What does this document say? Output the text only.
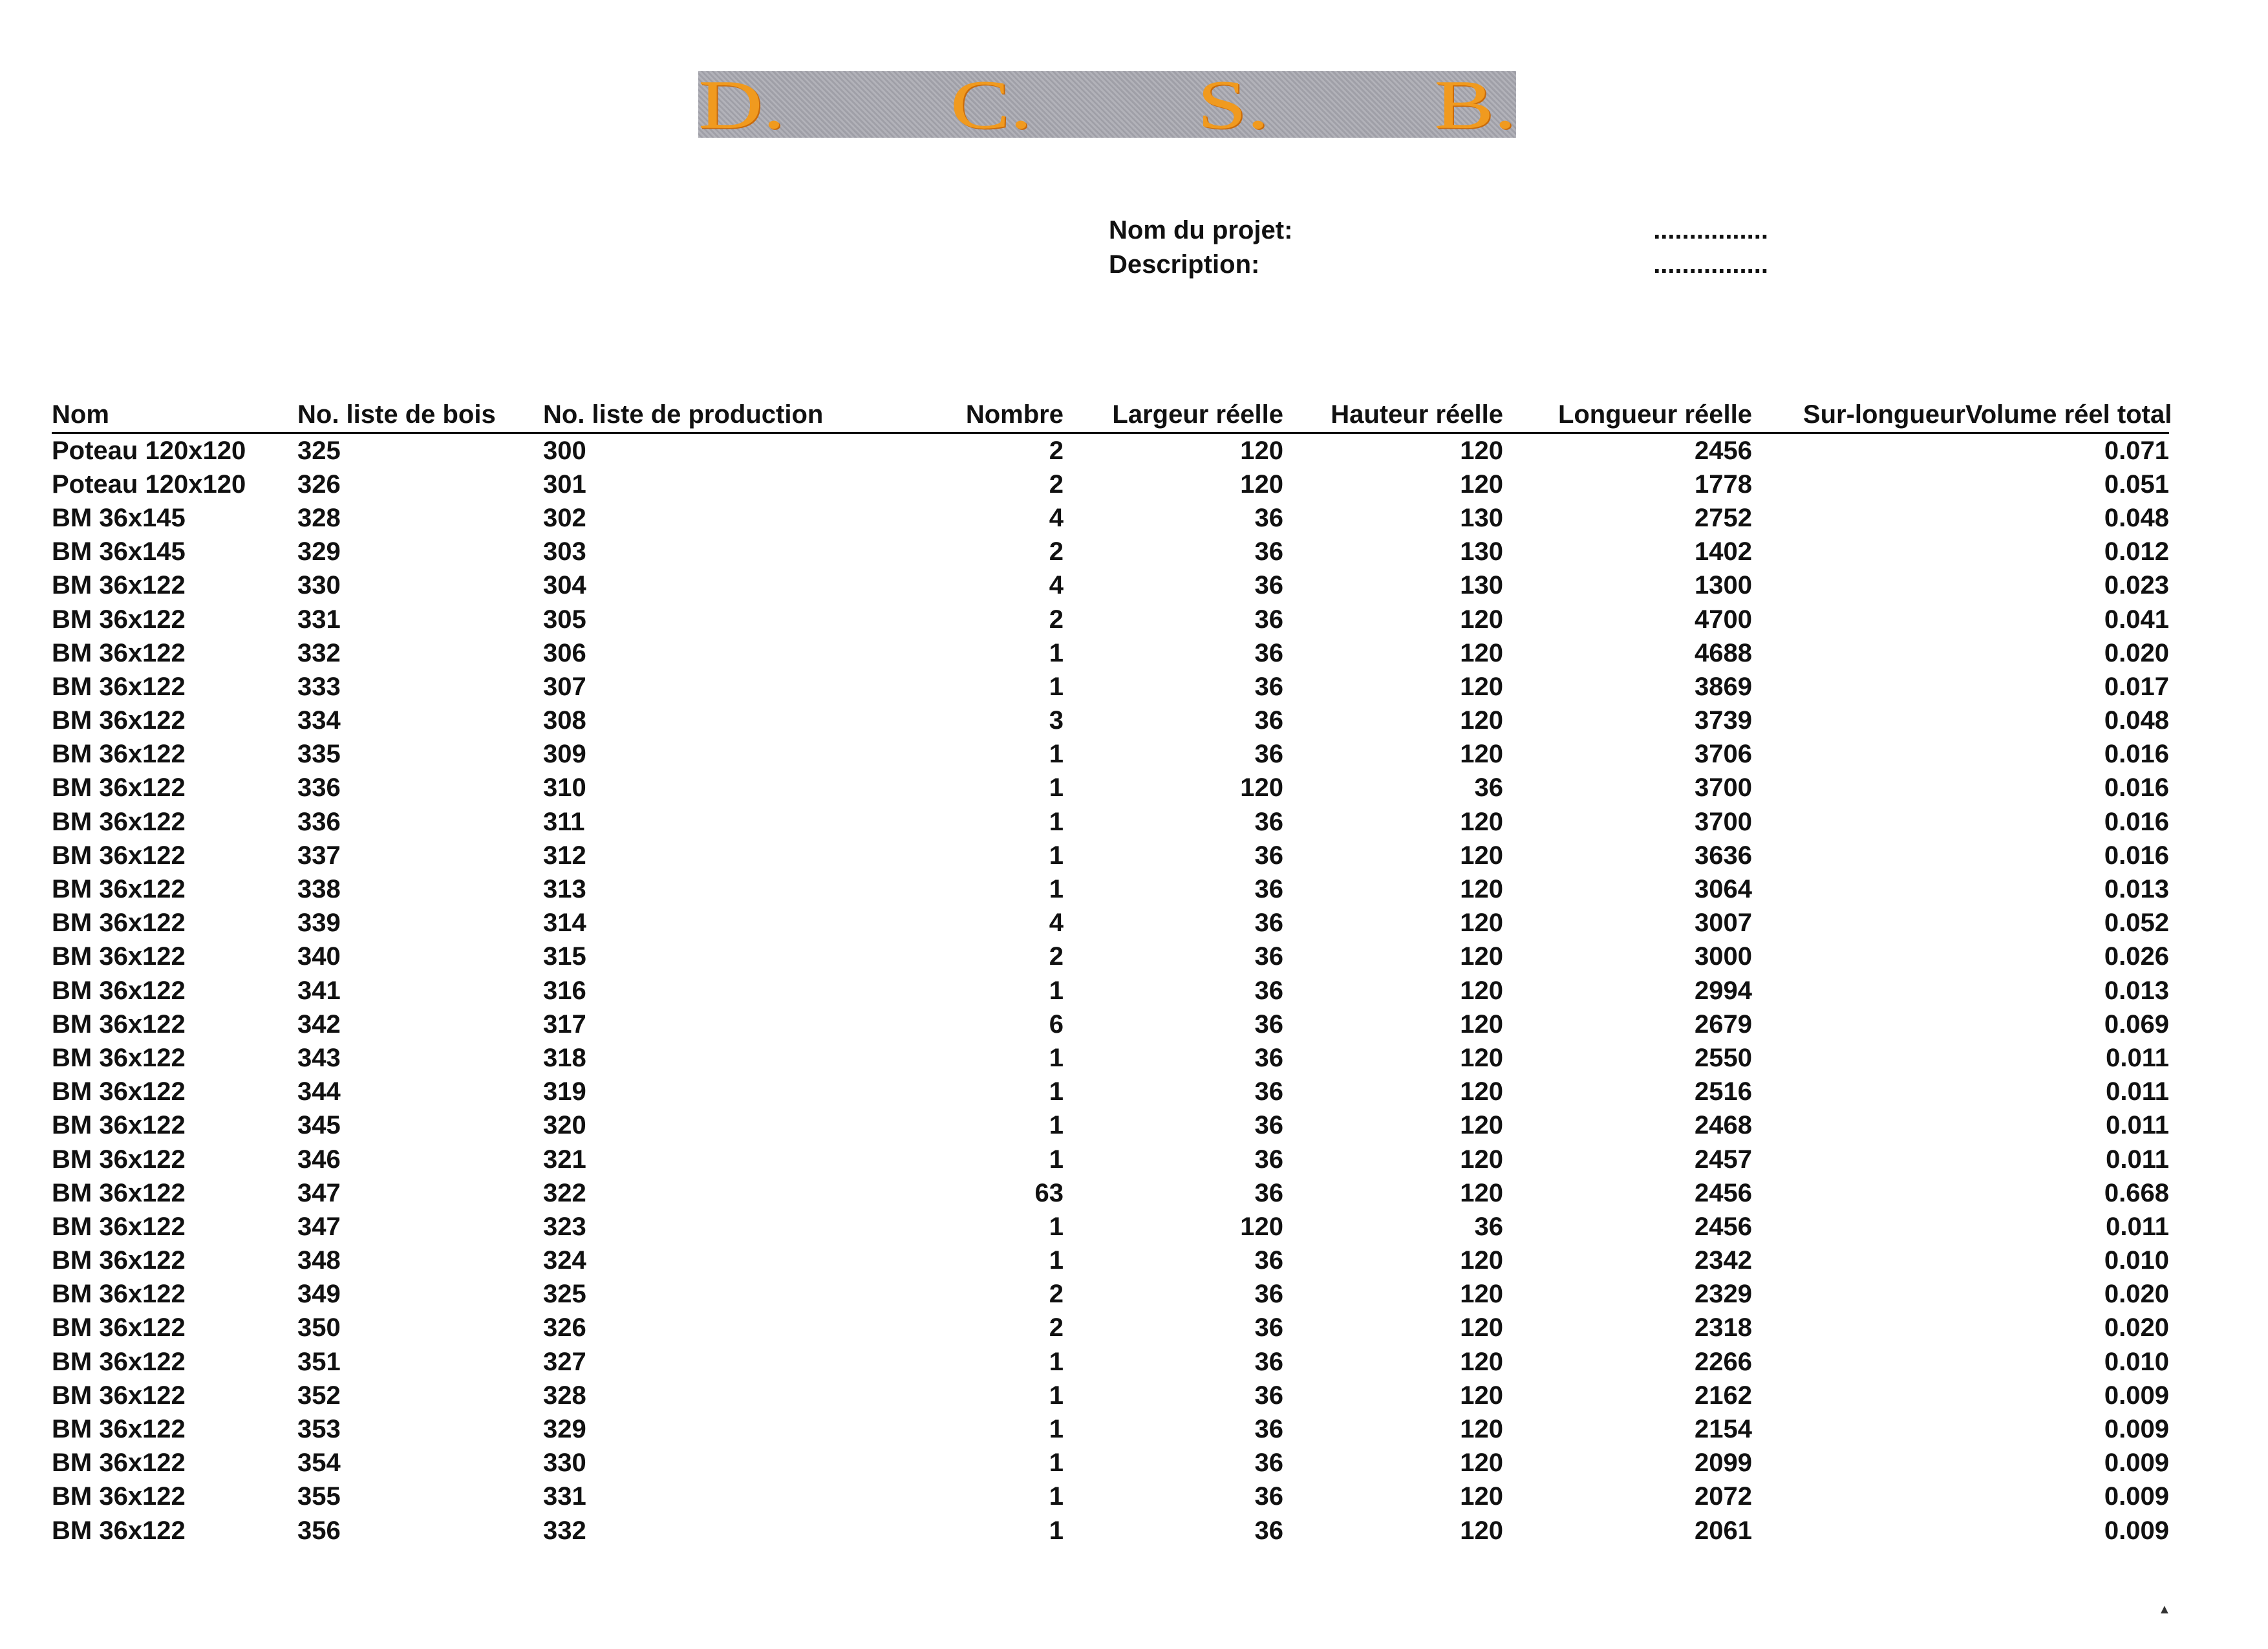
D. C. S. B.
Nom du projet:	................
Description:	................
Nom	No. liste de bois	No. liste de production	Nombre	Largeur réelle	Hauteur réelle	Longueur réelle	Sur-longueur	Volume réel total
Poteau 120x120	325	300	2	120	120	2456		0.071
Poteau 120x120	326	301	2	120	120	1778		0.051
BM 36x145	328	302	4	36	130	2752		0.048
BM 36x145	329	303	2	36	130	1402		0.012
BM 36x122	330	304	4	36	130	1300		0.023
BM 36x122	331	305	2	36	120	4700		0.041
BM 36x122	332	306	1	36	120	4688		0.020
BM 36x122	333	307	1	36	120	3869		0.017
BM 36x122	334	308	3	36	120	3739		0.048
BM 36x122	335	309	1	36	120	3706		0.016
BM 36x122	336	310	1	120	36	3700		0.016
BM 36x122	336	311	1	36	120	3700		0.016
BM 36x122	337	312	1	36	120	3636		0.016
BM 36x122	338	313	1	36	120	3064		0.013
BM 36x122	339	314	4	36	120	3007		0.052
BM 36x122	340	315	2	36	120	3000		0.026
BM 36x122	341	316	1	36	120	2994		0.013
BM 36x122	342	317	6	36	120	2679		0.069
BM 36x122	343	318	1	36	120	2550		0.011
BM 36x122	344	319	1	36	120	2516		0.011
BM 36x122	345	320	1	36	120	2468		0.011
BM 36x122	346	321	1	36	120	2457		0.011
BM 36x122	347	322	63	36	120	2456		0.668
BM 36x122	347	323	1	120	36	2456		0.011
BM 36x122	348	324	1	36	120	2342		0.010
BM 36x122	349	325	2	36	120	2329		0.020
BM 36x122	350	326	2	36	120	2318		0.020
BM 36x122	351	327	1	36	120	2266		0.010
BM 36x122	352	328	1	36	120	2162		0.009
BM 36x122	353	329	1	36	120	2154		0.009
BM 36x122	354	330	1	36	120	2099		0.009
BM 36x122	355	331	1	36	120	2072		0.009
BM 36x122	356	332	1	36	120	2061		0.009
▲
